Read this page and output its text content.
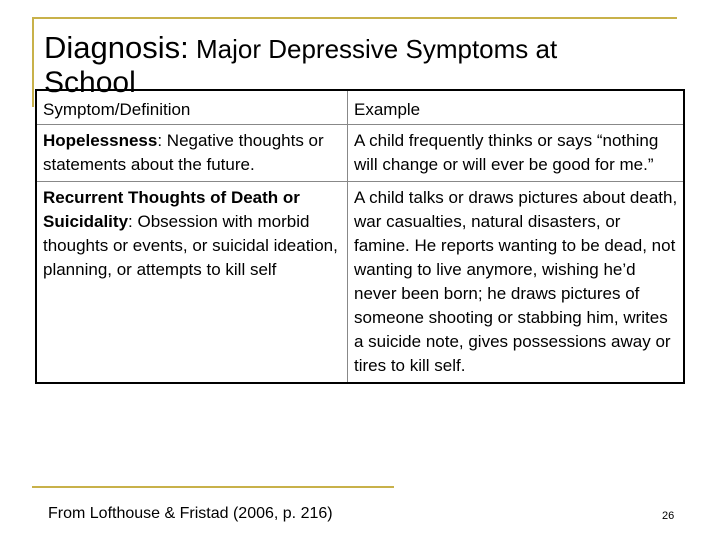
Diagnosis: Major Depressive Symptoms at
School
Symptom/Definition	Example
Hopelessness: Negative thoughts or statements about the future.	A child frequently thinks or says “nothing will change or will ever be good for me.”
Recurrent Thoughts of Death or Suicidality: Obsession with morbid thoughts or events, or suicidal ideation, planning, or attempts to kill self	A child talks or draws pictures about death, war casualties, natural disasters, or famine. He reports wanting to be dead, not wanting to live anymore, wishing he’d never been born; he draws pictures of someone shooting or stabbing him, writes a suicide note, gives possessions away or tires to kill self.
From Lofthouse & Fristad (2006, p. 216)	26
